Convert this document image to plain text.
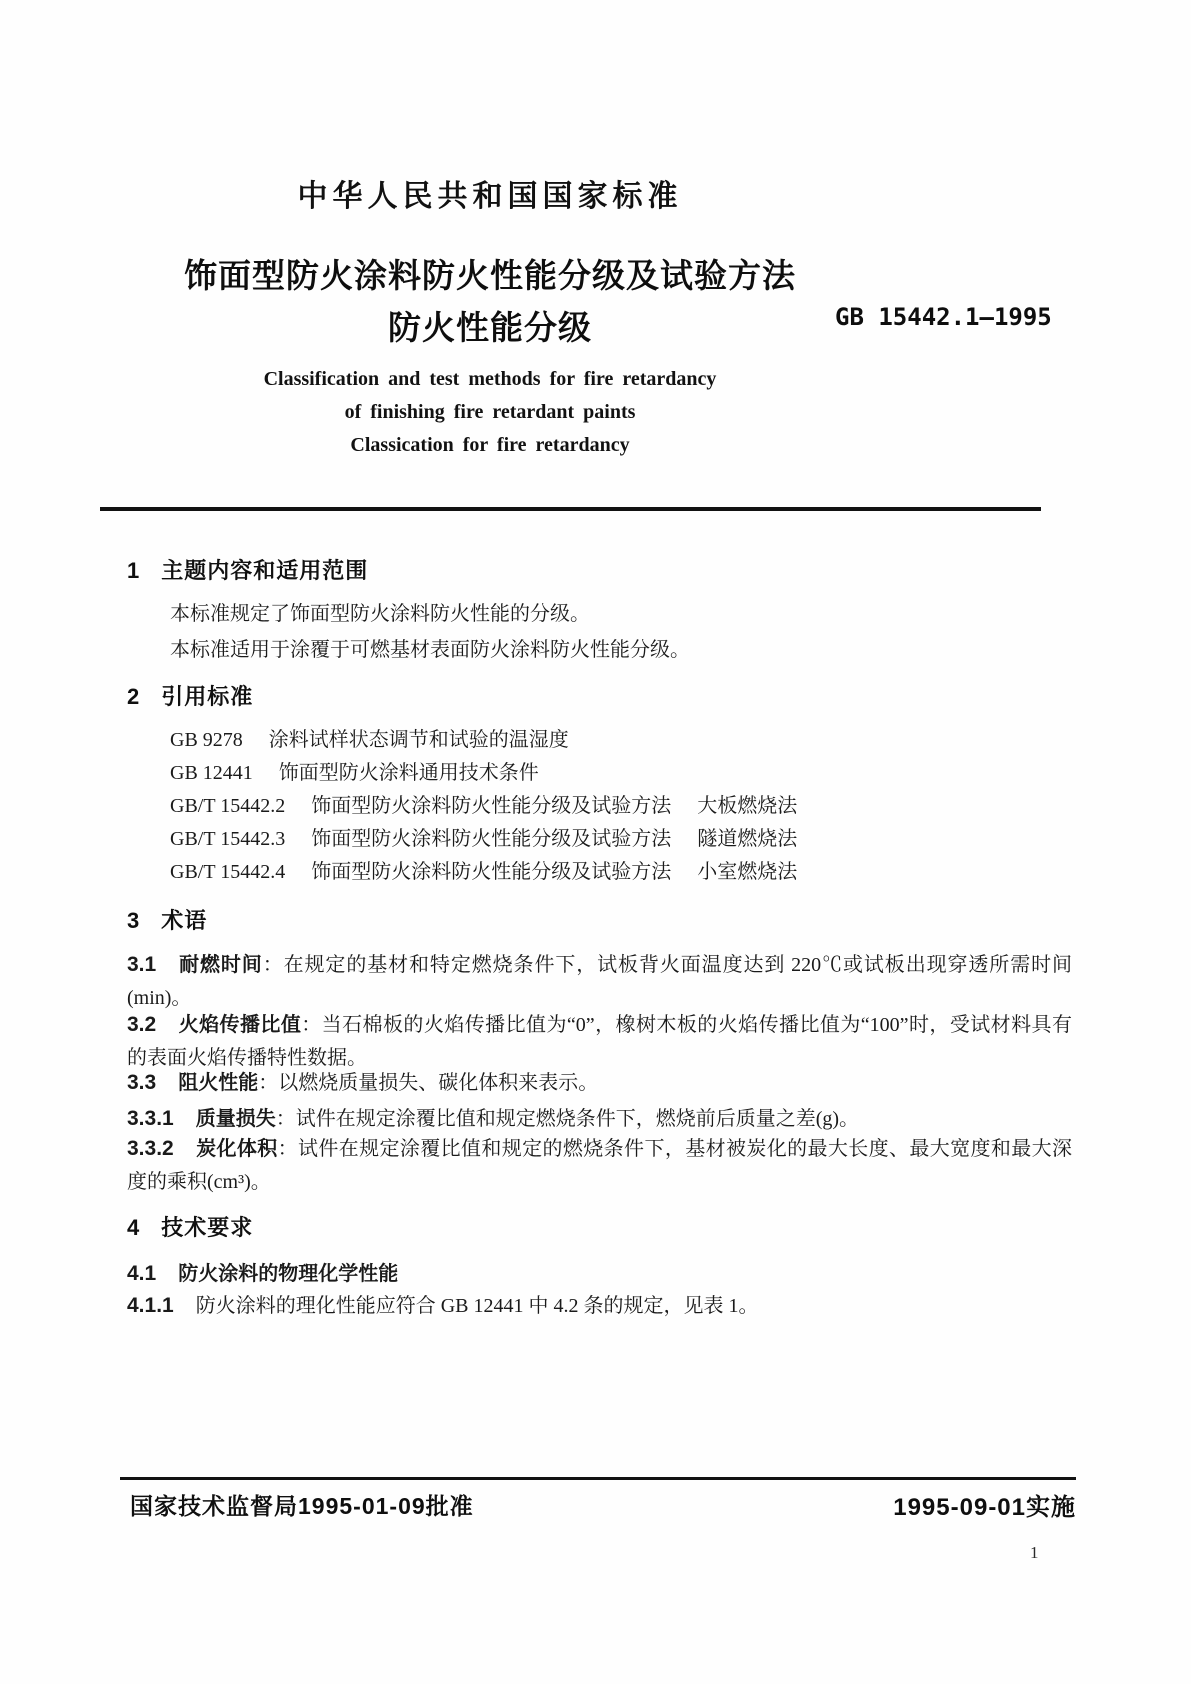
中华人民共和国国家标准
饰面型防火涂料防火性能分级及试验方法
防火性能分级	GB 15442.1—1995
Classification and test methods for fire retardancy
of finishing fire retardant paints
Classication for fire retardancy
1 主题内容和适用范围
本标准规定了饰面型防火涂料防火性能的分级。
本标准适用于涂覆于可燃基材表面防火涂料防火性能分级。
2 引用标准
GB 9278 涂料试样状态调节和试验的温湿度
GB 12441 饰面型防火涂料通用技术条件
GB/T 15442.2 饰面型防火涂料防火性能分级及试验方法 大板燃烧法
GB/T 15442.3 饰面型防火涂料防火性能分级及试验方法 隧道燃烧法
GB/T 15442.4 饰面型防火涂料防火性能分级及试验方法 小室燃烧法
3 术语

3.1 耐燃时间：在规定的基材和特定燃烧条件下，试板背火面温度达到 220℃或试板出现穿透所需时间(min)。

3.2 火焰传播比值：当石棉板的火焰传播比值为“0”，橡树木板的火焰传播比值为“100”时，受试材料具有的表面火焰传播特性数据。

3.3 阻火性能：以燃烧质量损失、碳化体积来表示。

3.3.1 质量损失：试件在规定涂覆比值和规定燃烧条件下，燃烧前后质量之差(g)。

3.3.2 炭化体积：试件在规定涂覆比值和规定的燃烧条件下，基材被炭化的最大长度、最大宽度和最大深度的乘积(cm³)。

4 技术要求

4.1 防火涂料的物理化学性能

4.1.1 防火涂料的理化性能应符合 GB 12441 中 4.2 条的规定，见表 1。

国家技术监督局1995-01-09批准	1995-09-01实施
1
